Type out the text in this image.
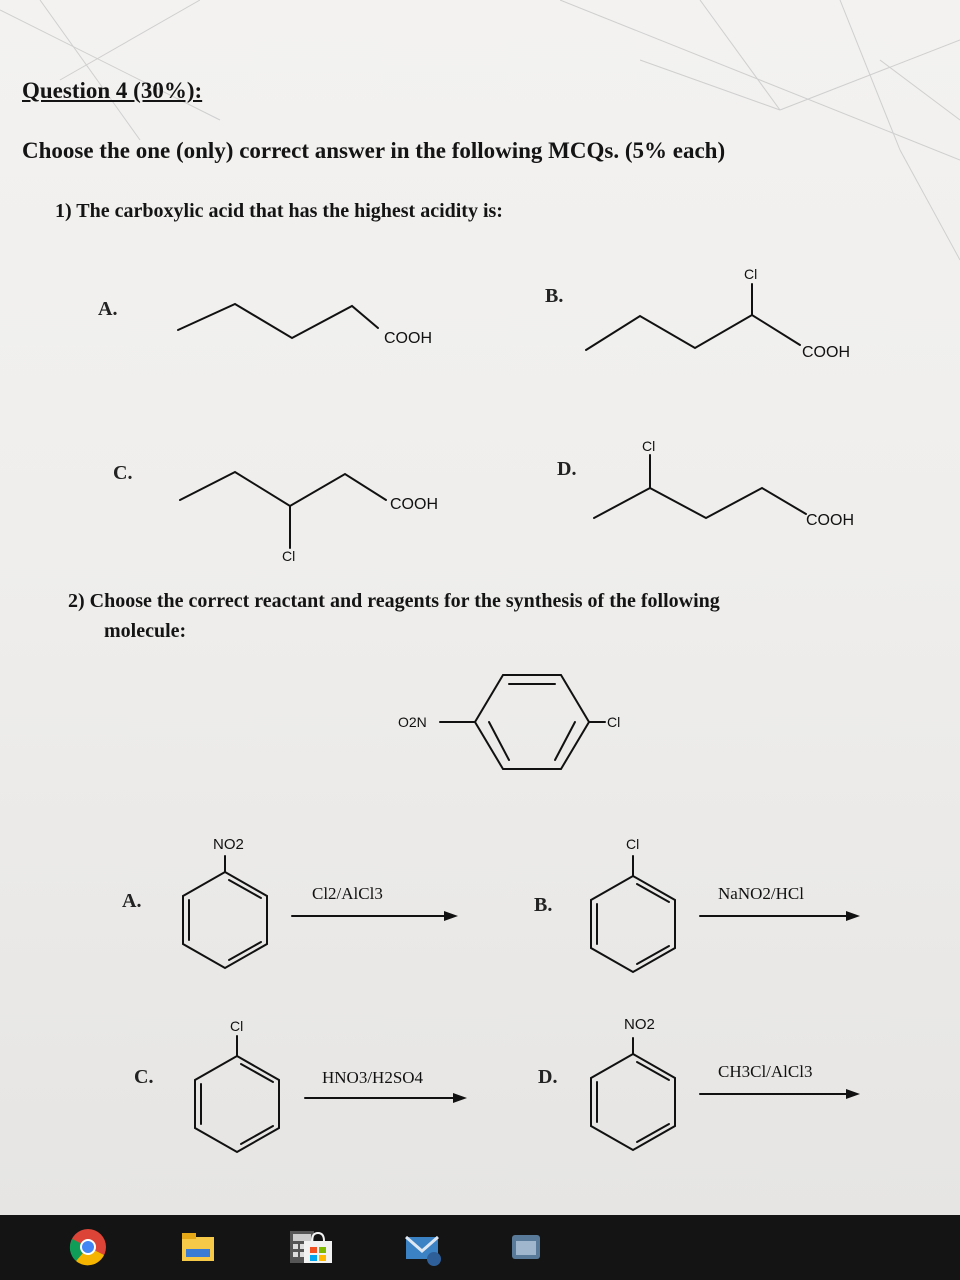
Question 4 (30%):
Choose the one (only) correct answer in the following MCQs. (5% each)
1) The carboxylic acid that has the highest acidity is:
A.
B.
C.	D.
COOH
COOH
Cl
COOH
Cl
COOH
Cl
2) Choose the correct reactant and reagents for the synthesis of the following
molecule:
O2N	Cl
A.	B.
C.	D.
NO2	Cl
Cl	NO2
Cl2/AlCl3	NaNO2/HCl
HNO3/H2SO4	CH3Cl/AlCl3
